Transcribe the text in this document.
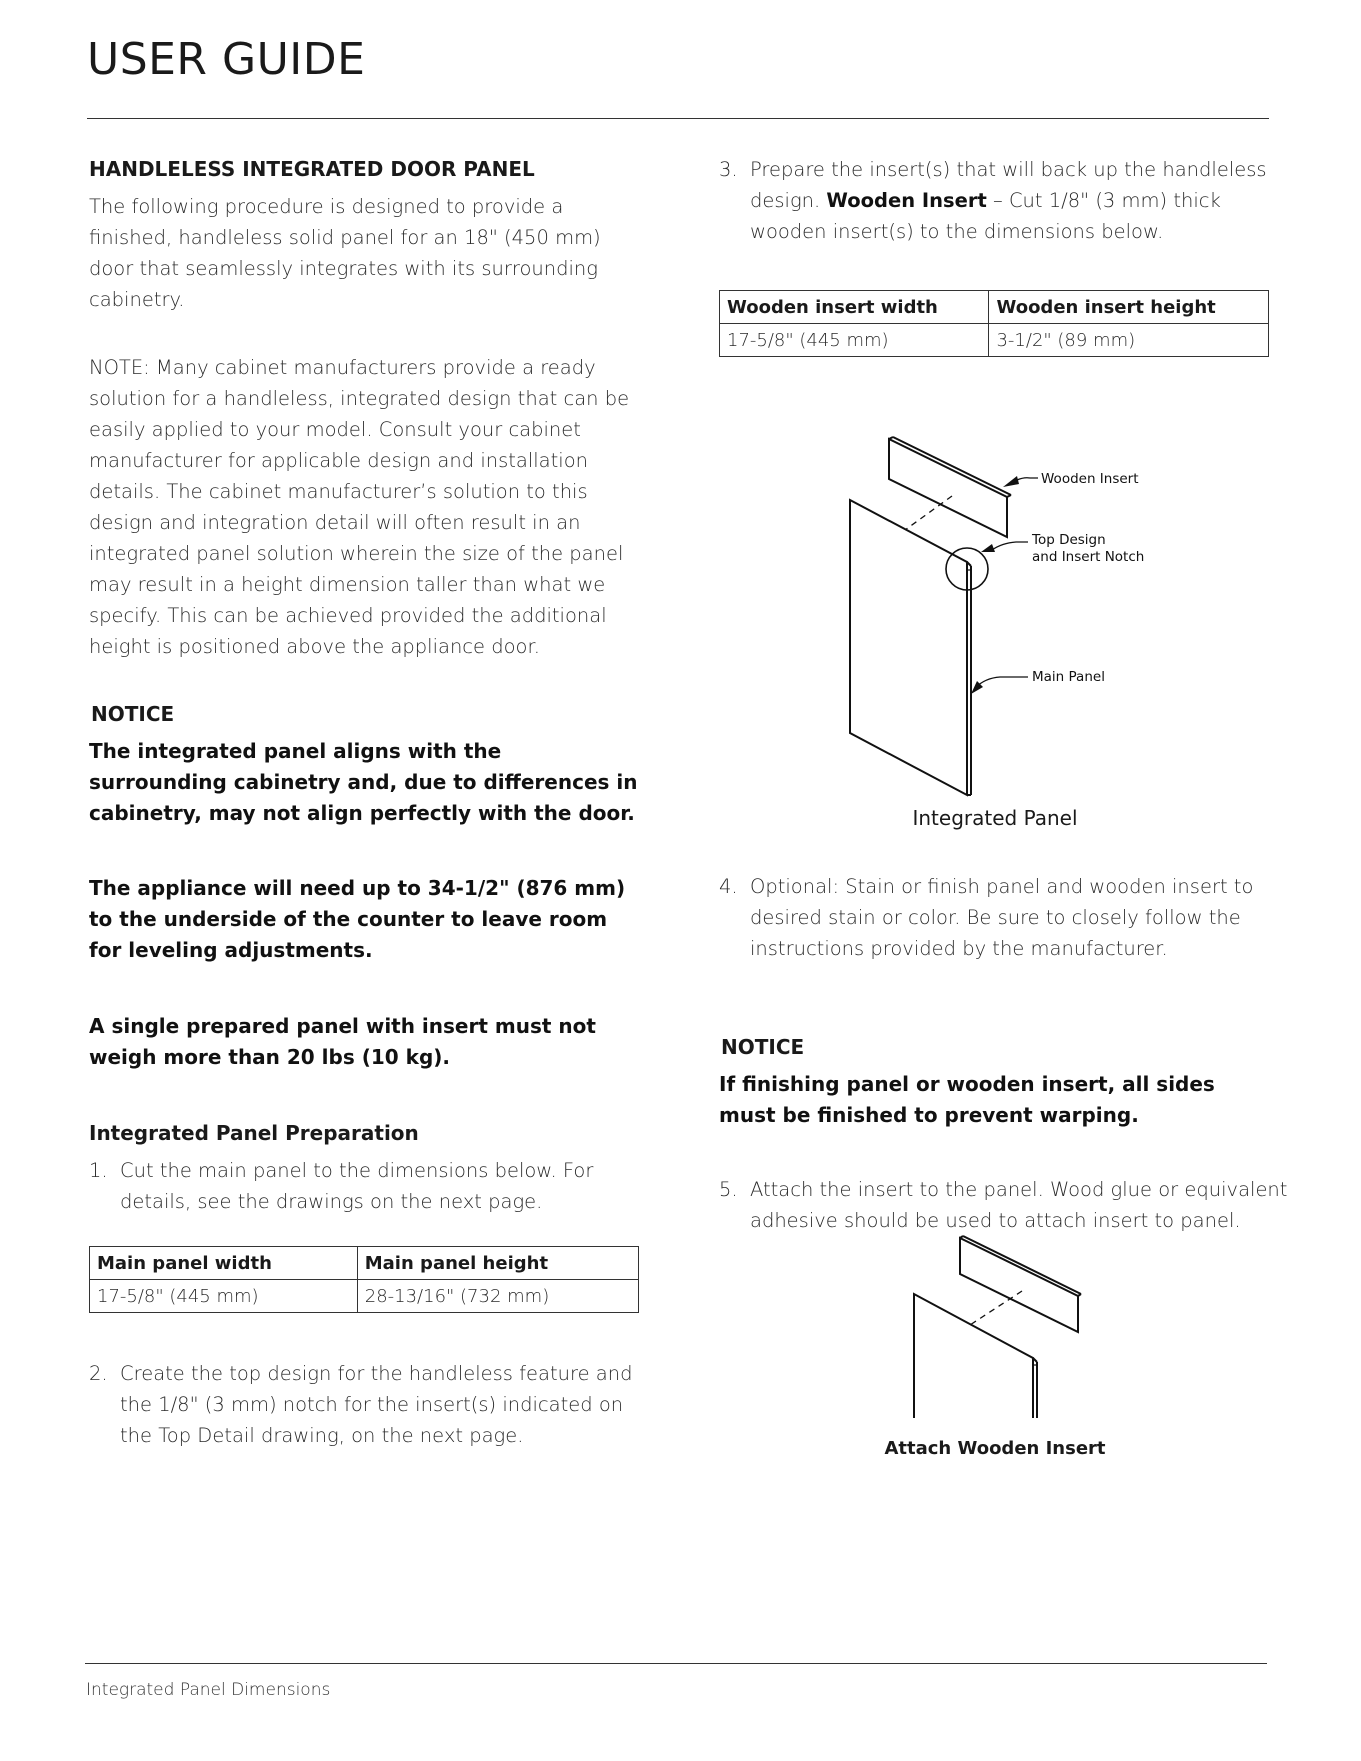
USER GUIDE

HANDLELESS INTEGRATED DOOR PANEL

The following procedure is designed to provide a finished, handleless solid panel for an 18" (450 mm) door that seamlessly integrates with its surrounding cabinetry.

NOTE: Many cabinet manufacturers provide a ready solution for a handleless, integrated design that can be easily applied to your model. Consult your cabinet manufacturer for applicable design and installation details. The cabinet manufacturer’s solution to this design and integration detail will often result in an integrated panel solution wherein the size of the panel may result in a height dimension taller than what we specify. This can be achieved provided the additional height is positioned above the appliance door.

NOTICE

The integrated panel aligns with the surrounding cabinetry and, due to differences in cabinetry, may not align perfectly with the door.

The appliance will need up to 34-1/2" (876 mm) to the underside of the counter to leave room for leveling adjustments.

A single prepared panel with insert must not weigh more than 20 lbs (10 kg).

Integrated Panel Preparation

1. Cut the main panel to the dimensions below. For details, see the drawings on the next page.

Main panel width	Main panel height
17-5/8" (445 mm)	28-13/16" (732 mm)
2. Create the top design for the handleless feature and the 1/8" (3 mm) notch for the insert(s) indicated on the Top Detail drawing, on the next page.

3. Prepare the insert(s) that will back up the handleless design. Wooden Insert – Cut 1/8" (3 mm) thick wooden insert(s) to the dimensions below.

Wooden insert width	Wooden insert height
17-5/8" (445 mm)	3-1/2" (89 mm)
Wooden Insert
Top Design
and Insert Notch
Main Panel
Integrated Panel
4. Optional: Stain or finish panel and wooden insert to desired stain or color. Be sure to closely follow the instructions provided by the manufacturer.

NOTICE

If finishing panel or wooden insert, all sides must be finished to prevent warping.

5. Attach the insert to the panel. Wood glue or equivalent adhesive should be used to attach insert to panel.

Attach Wooden Insert
Integrated Panel Dimensions
